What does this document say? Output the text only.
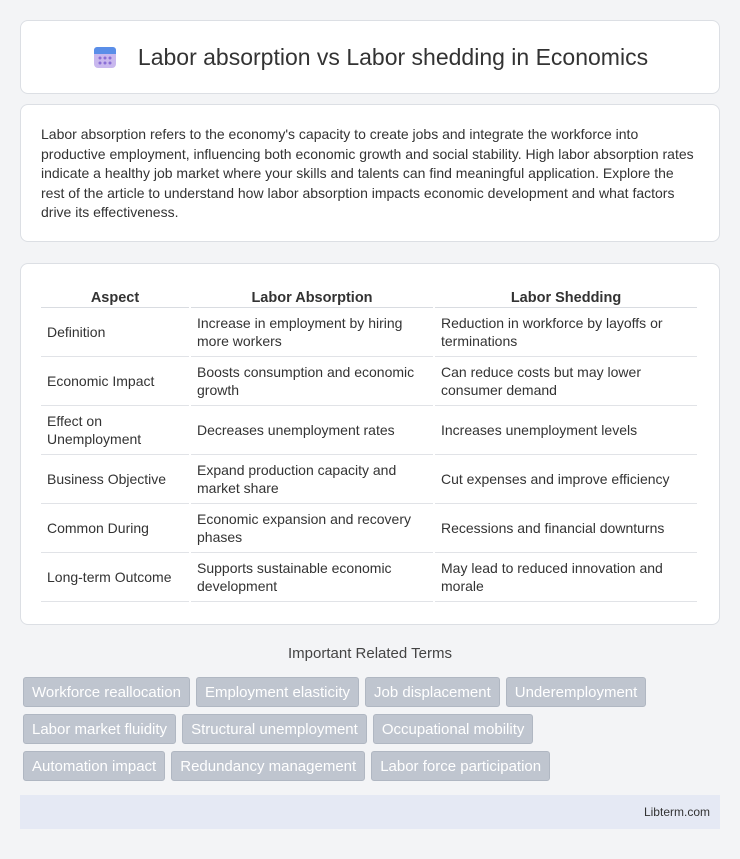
Labor absorption vs Labor shedding in Economics

Labor absorption refers to the economy's capacity to create jobs and integrate the workforce into productive employment, influencing both economic growth and social stability. High labor absorption rates indicate a healthy job market where your skills and talents can find meaningful application. Explore the rest of the article to understand how labor absorption impacts economic development and what factors drive its effectiveness.

Aspect	Labor Absorption	Labor Shedding
Definition	Increase in employment by hiring more workers	Reduction in workforce by layoffs or terminations
Economic Impact	Boosts consumption and economic growth	Can reduce costs but may lower consumer demand
Effect on Unemployment	Decreases unemployment rates	Increases unemployment levels
Business Objective	Expand production capacity and market share	Cut expenses and improve efficiency
Common During	Economic expansion and recovery phases	Recessions and financial downturns
Long-term Outcome	Supports sustainable economic development	May lead to reduced innovation and morale
Important Related Terms
Workforce reallocation	Employment elasticity	Job displacement	Underemployment
Labor market fluidity	Structural unemployment	Occupational mobility
Automation impact	Redundancy management	Labor force participation
Libterm.com
